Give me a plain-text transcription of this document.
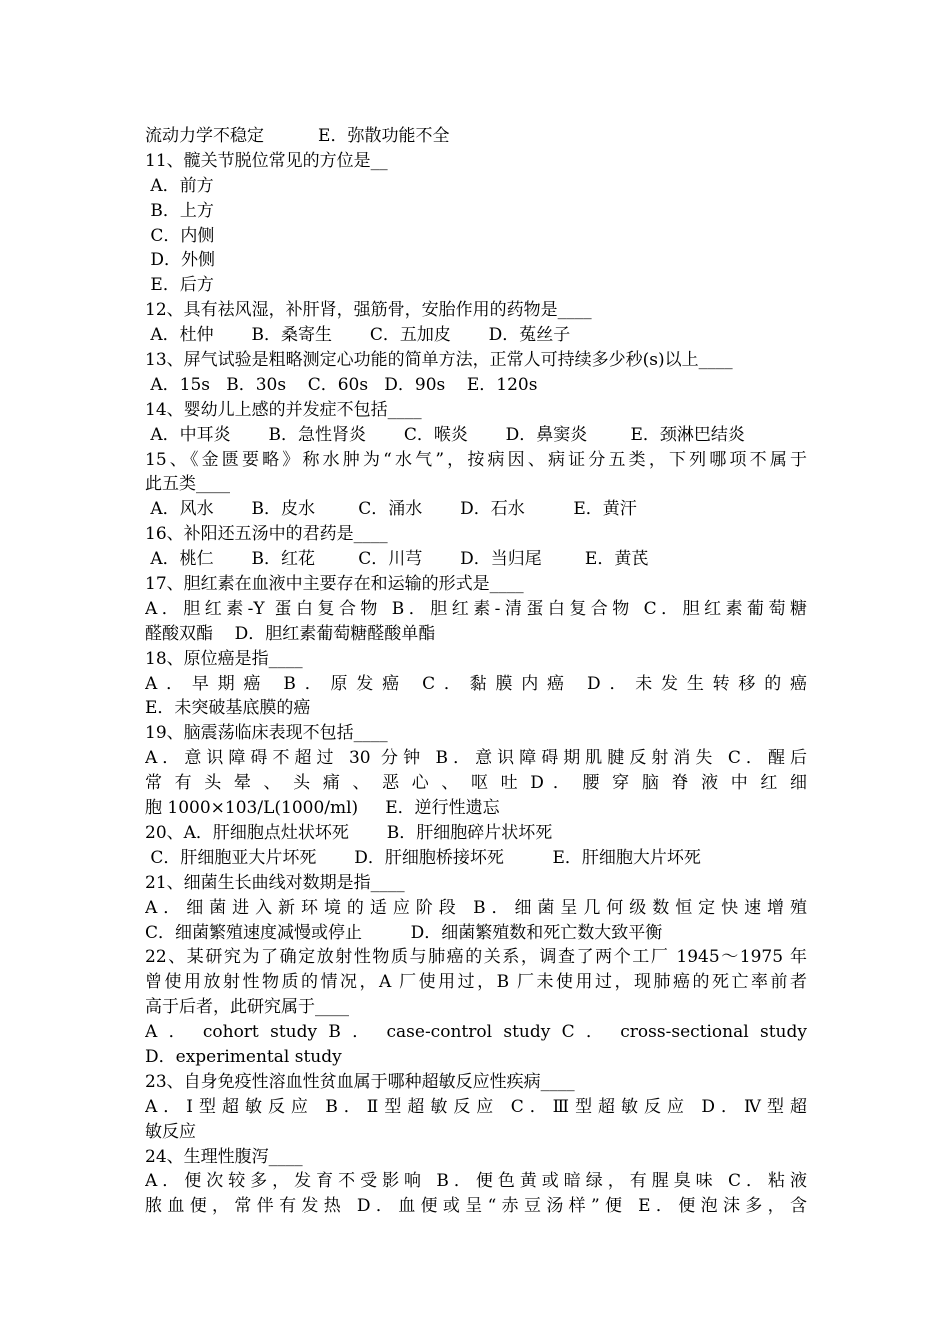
流动力学不稳定          E．弥散功能不全
11、髋关节脱位常见的方位是__
A．前方
B．上方
C．内侧
D．外侧
E．后方
12、具有祛风湿，补肝肾，强筋骨，安胎作用的药物是____
A．杜仲       B．桑寄生       C．五加皮       D．菟丝子
13、屏气试验是粗略测定心功能的简单方法，正常人可持续多少秒(s)以上____
A．15s   B．30s    C．60s   D．90s    E．120s
14、婴幼儿上感的并发症不包括____
A．中耳炎       B．急性肾炎       C．喉炎       D．鼻窦炎        E．颈淋巴结炎
15、《金匮要略》称水肿为“水气”，按病因、病证分五类，下列哪项不属于
此五类____
A．风水       B．皮水        C．涌水       D．石水         E．黄汗
16、补阳还五汤中的君药是____
A．桃仁       B．红花        C．川芎       D．当归尾        E．黄芪
17、胆红素在血液中主要存在和运输的形式是____
A．胆红素-Y 蛋白复合物 B．胆红素-清蛋白复合物 C．胆红素葡萄糖
醛酸双酯    D．胆红素葡萄糖醛酸单酯
18、原位癌是指____
A．早期癌 B．原发癌 C．黏膜内癌 D．未发生转移的癌
E．未突破基底膜的癌
19、脑震荡临床表现不包括____
A．意识障碍不超过 30 分钟 B．意识障碍期肌腱反射消失 C．醒后
常 有 头 晕 、 头 痛 、 恶 心 、 呕 吐 D ． 腰 穿 脑 脊 液 中 红 细
胞 1000×103/L(1000/ml)     E．逆行性遗忘
20、A．肝细胞点灶状坏死       B．肝细胞碎片状坏死
C．肝细胞亚大片坏死       D．肝细胞桥接坏死         E．肝细胞大片坏死
21、细菌生长曲线对数期是指____
A．细菌进入新环境的适应阶段 B．细菌呈几何级数恒定快速增殖
C．细菌繁殖速度减慢或停止         D．细菌繁殖数和死亡数大致平衡
22、某研究为了确定放射性物质与肺癌的关系，调查了两个工厂 1945～1975 年
曾使用放射性物质的情况，A 厂使用过，B 厂未使用过，现肺癌的死亡率前者
高于后者，此研究属于____
A ． cohort study B ． case-control study C ． cross-sectional study
D．experimental study
23、自身免疫性溶血性贫血属于哪种超敏反应性疾病____
A．Ⅰ型超敏反应 B．Ⅱ型超敏反应 C．Ⅲ型超敏反应 D．Ⅳ型超
敏反应
24、生理性腹泻____
A．便次较多，发育不受影响 B．便色黄或暗绿，有腥臭味 C．粘液
脓血便，常伴有发热 D．血便或呈“赤豆汤样”便 E．便泡沫多，含
